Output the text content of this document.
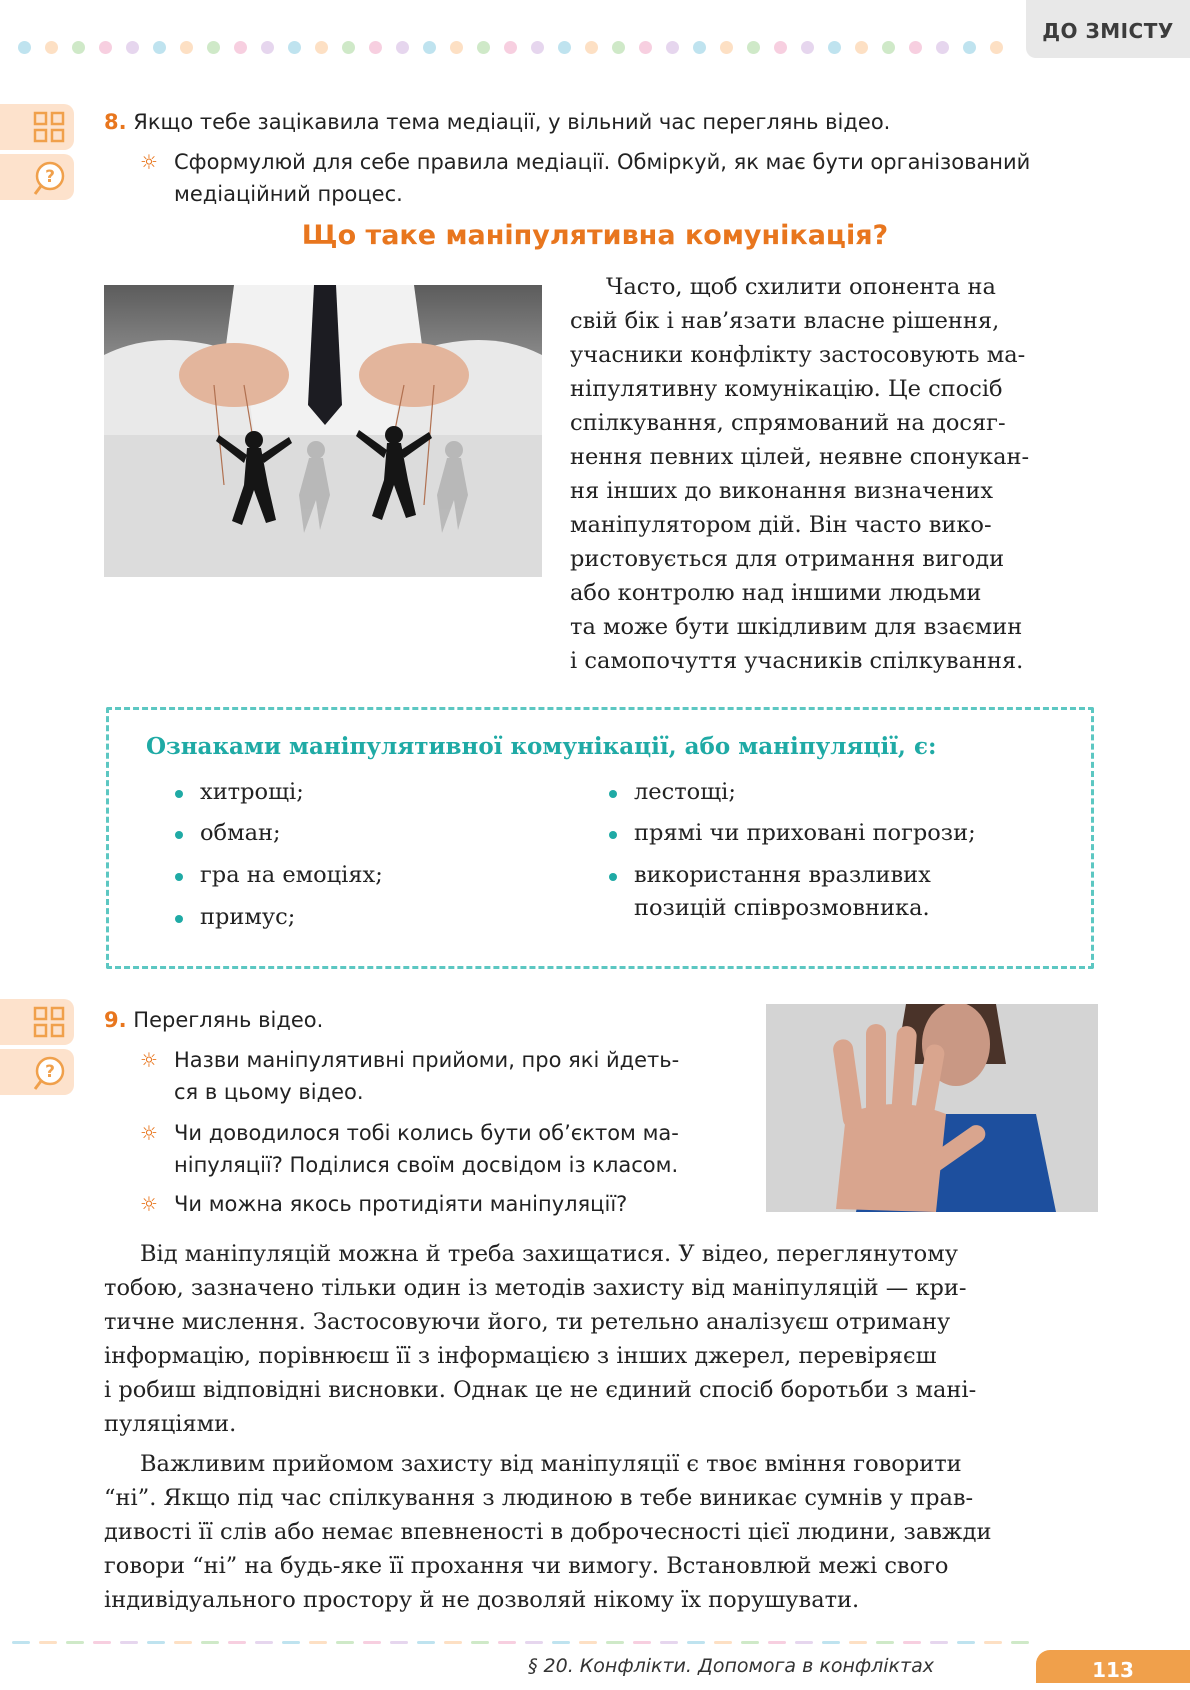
ДО ЗМІСТУ
?
8. Якщо тебе зацікавила тема медіації, у вільний час переглянь відео.
☼ Сформулюй для себе правила медіації. Обміркуй, як має бути організований
медіаційний процес.
Що таке маніпулятивна комунікація?
Часто, щоб схилити опонента на
свій бік і нав’язати власне рішення,
учасники конфлікту застосовують ма-
ніпулятивну комунікацію. Це спосіб
спілкування, спрямований на досяг-
нення певних цілей, неявне спонукан-
ня інших до виконання визначених
маніпулятором дій. Він часто вико-
ристовується для отримання вигоди
або контролю над іншими людьми
та може бути шкідливим для взаємин
і самопочуття учасників спілкування.
Ознаками маніпулятивної комунікації, або маніпуляції, є:
хитрощі;
обман;
гра на емоціях;
примус;
лестощі;
прямі чи приховані погрози;
використання вразливих
позицій співрозмовника.
?
9. Переглянь відео.
☼ Назви маніпулятивні прийоми, про які йдеть-
ся в цьому відео.
☼ Чи доводилося тобі колись бути об’єктом ма-
ніпуляції? Поділися своїм досвідом із класом.
☼ Чи можна якось протидіяти маніпуляції?
Від маніпуляцій можна й треба захищатися. У відео, переглянутому
тобою, зазначено тільки один із методів захисту від маніпуляцій — кри-
тичне мислення. Застосовуючи його, ти ретельно аналізуєш отриману
інформацію, порівнюєш її з інформацією з інших джерел, перевіряєш
і робиш відповідні висновки. Однак це не єдиний спосіб боротьби з мані-
пуляціями.
Важливим прийомом захисту від маніпуляції є твоє вміння говорити
“ні”. Якщо під час спілкування з людиною в тебе виникає сумнів у прав-
дивості її слів або немає впевненості в доброчесності цієї людини, завжди
говори “ні” на будь-яке її прохання чи вимогу. Встановлюй межі свого
індивідуального простору й не дозволяй нікому їх порушувати.
§ 20. Конфлікти. Допомога в конфліктах	113
